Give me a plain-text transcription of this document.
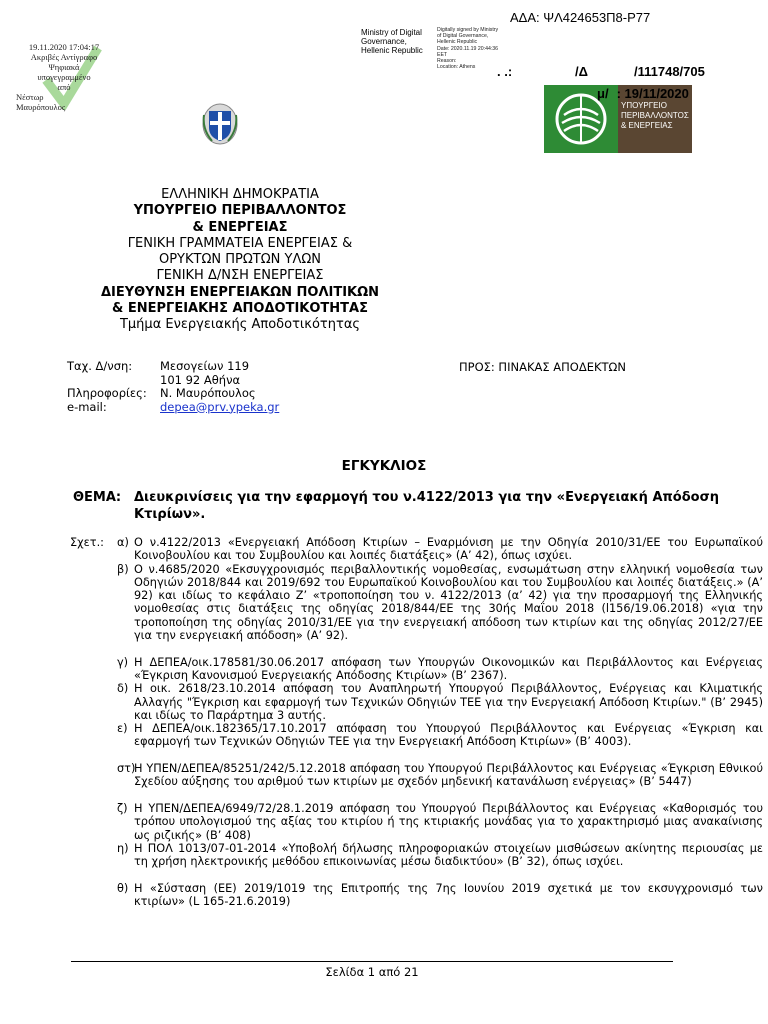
19.11.2020 17:04:17
Ακριβές Αντίγραφο
Ψηφιακά
υπογεγραμμένο
από
Νέστωρ
Μαυρόπουλος
Ministry of Digital
Governance,
Hellenic Republic
Digitally signed by Ministry
of Digital Governance,
Hellenic Republic
Date: 2020.11.19 20:44:36
EET
Reason:
Location: Athens
ΑΔΑ: ΨΛ424653Π8-Ρ77
. .:	/Δ	/111748/705
ΥΠΟΥΡΓΕΙΟ
ΠΕΡΙΒΑΛΛΟΝΤΟΣ
& ΕΝΕΡΓΕΙΑΣ
μ/ : 19/11/2020
ΕΛΛΗΝΙΚΗ ΔΗΜΟΚΡΑΤΙΑ
ΥΠΟΥΡΓΕΙΟ ΠΕΡΙΒΑΛΛΟΝΤΟΣ
& ΕΝΕΡΓΕΙΑΣ
ΓΕΝΙΚΗ ΓΡΑΜΜΑΤΕΙΑ ΕΝΕΡΓΕΙΑΣ &
ΟΡΥΚΤΩΝ ΠΡΩΤΩΝ ΥΛΩΝ
ΓΕΝΙΚΗ Δ/ΝΣΗ ΕΝΕΡΓΕΙΑΣ
ΔΙΕΥΘΥΝΣΗ ΕΝΕΡΓΕΙΑΚΩΝ ΠΟΛΙΤΙΚΩΝ
& ΕΝΕΡΓΕΙΑΚΗΣ ΑΠΟΔΟΤΙΚΟΤΗΤΑΣ
Τμήμα Ενεργειακής Αποδοτικότητας
Ταχ. Δ/νση: Μεσογείων 119
101 92 Αθήνα
Πληροφορίες: Ν. Μαυρόπουλος
e-mail:	depea@prv.ypeka.gr
ΠΡΟΣ: ΠΙΝΑΚΑΣ ΑΠΟΔΕΚΤΩΝ
ΕΓΚΥΚΛΙΟΣ
ΘΕΜΑ: Διευκρινίσεις για την εφαρμογή του ν.4122/2013 για την «Ενεργειακή Απόδοση Κτιρίων».
Σχετ.: α) Ο ν.4122/2013 «Ενεργειακή Απόδοση Κτιρίων – Εναρμόνιση με την Οδηγία 2010/31/ΕΕ του Ευρωπαϊκού Κοινοβουλίου και του Συμβουλίου και λοιπές διατάξεις» (Α’ 42), όπως ισχύει.
β) Ο ν.4685/2020 «Εκσυγχρονισμός περιβαλλοντικής νομοθεσίας, ενσωμάτωση στην ελληνική νομοθεσία των Οδηγιών 2018/844 και 2019/692 του Ευρωπαϊκού Κοινοβουλίου και του Συμβουλίου και λοιπές διατάξεις.» (Α’ 92) και ιδίως το κεφάλαιο Ζ’ «τροποποίηση του ν. 4122/2013 (α’ 42) για την προσαρμογή της Ελληνικής νομοθεσίας στις διατάξεις της οδηγίας 2018/844/ΕΕ της 30ής Μαΐου 2018 (l156/19.06.2018) «για την τροποποίηση της οδηγίας 2010/31/ΕΕ για την ενεργειακή απόδοση των κτιρίων και της οδηγίας 2012/27/ΕΕ για την ενεργειακή απόδοση» (Α’ 92).
γ) Η ΔΕΠΕΑ/οικ.178581/30.06.2017 απόφαση των Υπουργών Οικονομικών και Περιβάλλοντος και Ενέργειας «Έγκριση Κανονισμού Ενεργειακής Απόδοσης Κτιρίων» (Β’ 2367).
δ) Η οικ. 2618/23.10.2014 απόφαση του Αναπληρωτή Υπουργού Περιβάλλοντος, Ενέργειας και Κλιματικής Αλλαγής "Έγκριση και εφαρμογή των Τεχνικών Οδηγιών ΤΕΕ για την Ενεργειακή Απόδοση Κτιρίων." (Β’ 2945) και ιδίως το Παράρτημα 3 αυτής.
ε) Η ΔΕΠΕΑ/οικ.182365/17.10.2017 απόφαση του Υπουργού Περιβάλλοντος και Ενέργειας «Έγκριση και εφαρμογή των Τεχνικών Οδηγιών ΤΕΕ για την Ενεργειακή Απόδοση Κτιρίων» (Β’ 4003).
στ)
Η ΥΠΕΝ/ΔΕΠΕΑ/85251/242/5.12.2018 απόφαση του Υπουργού Περιβάλλοντος και Ενέργειας «Έγκριση Εθνικού Σχεδίου αύξησης του αριθμού των κτιρίων με σχεδόν μηδενική κατανάλωση ενέργειας» (Β’ 5447)
ζ) Η ΥΠΕΝ/ΔΕΠΕΑ/6949/72/28.1.2019 απόφαση του Υπουργού Περιβάλλοντος και Ενέργειας «Καθορισμός του τρόπου υπολογισμού της αξίας του κτιρίου ή της κτιριακής μονάδας για το χαρακτηρισμό μιας ανακαίνισης ως ριζικής» (Β’ 408)
η) Η ΠΟΛ 1013/07-01-2014 «Υποβολή δήλωσης πληροφοριακών στοιχείων μισθώσεων ακίνητης περιουσίας με τη χρήση ηλεκτρονικής μεθόδου επικοινωνίας μέσω διαδικτύου» (Β’ 32), όπως ισχύει.
θ) Η «Σύσταση (ΕΕ) 2019/1019 της Επιτροπής της 7ης Ιουνίου 2019 σχετικά με τον εκσυγχρονισμό των κτιρίων» (L 165-21.6.2019)
Σελίδα 1 από 21
